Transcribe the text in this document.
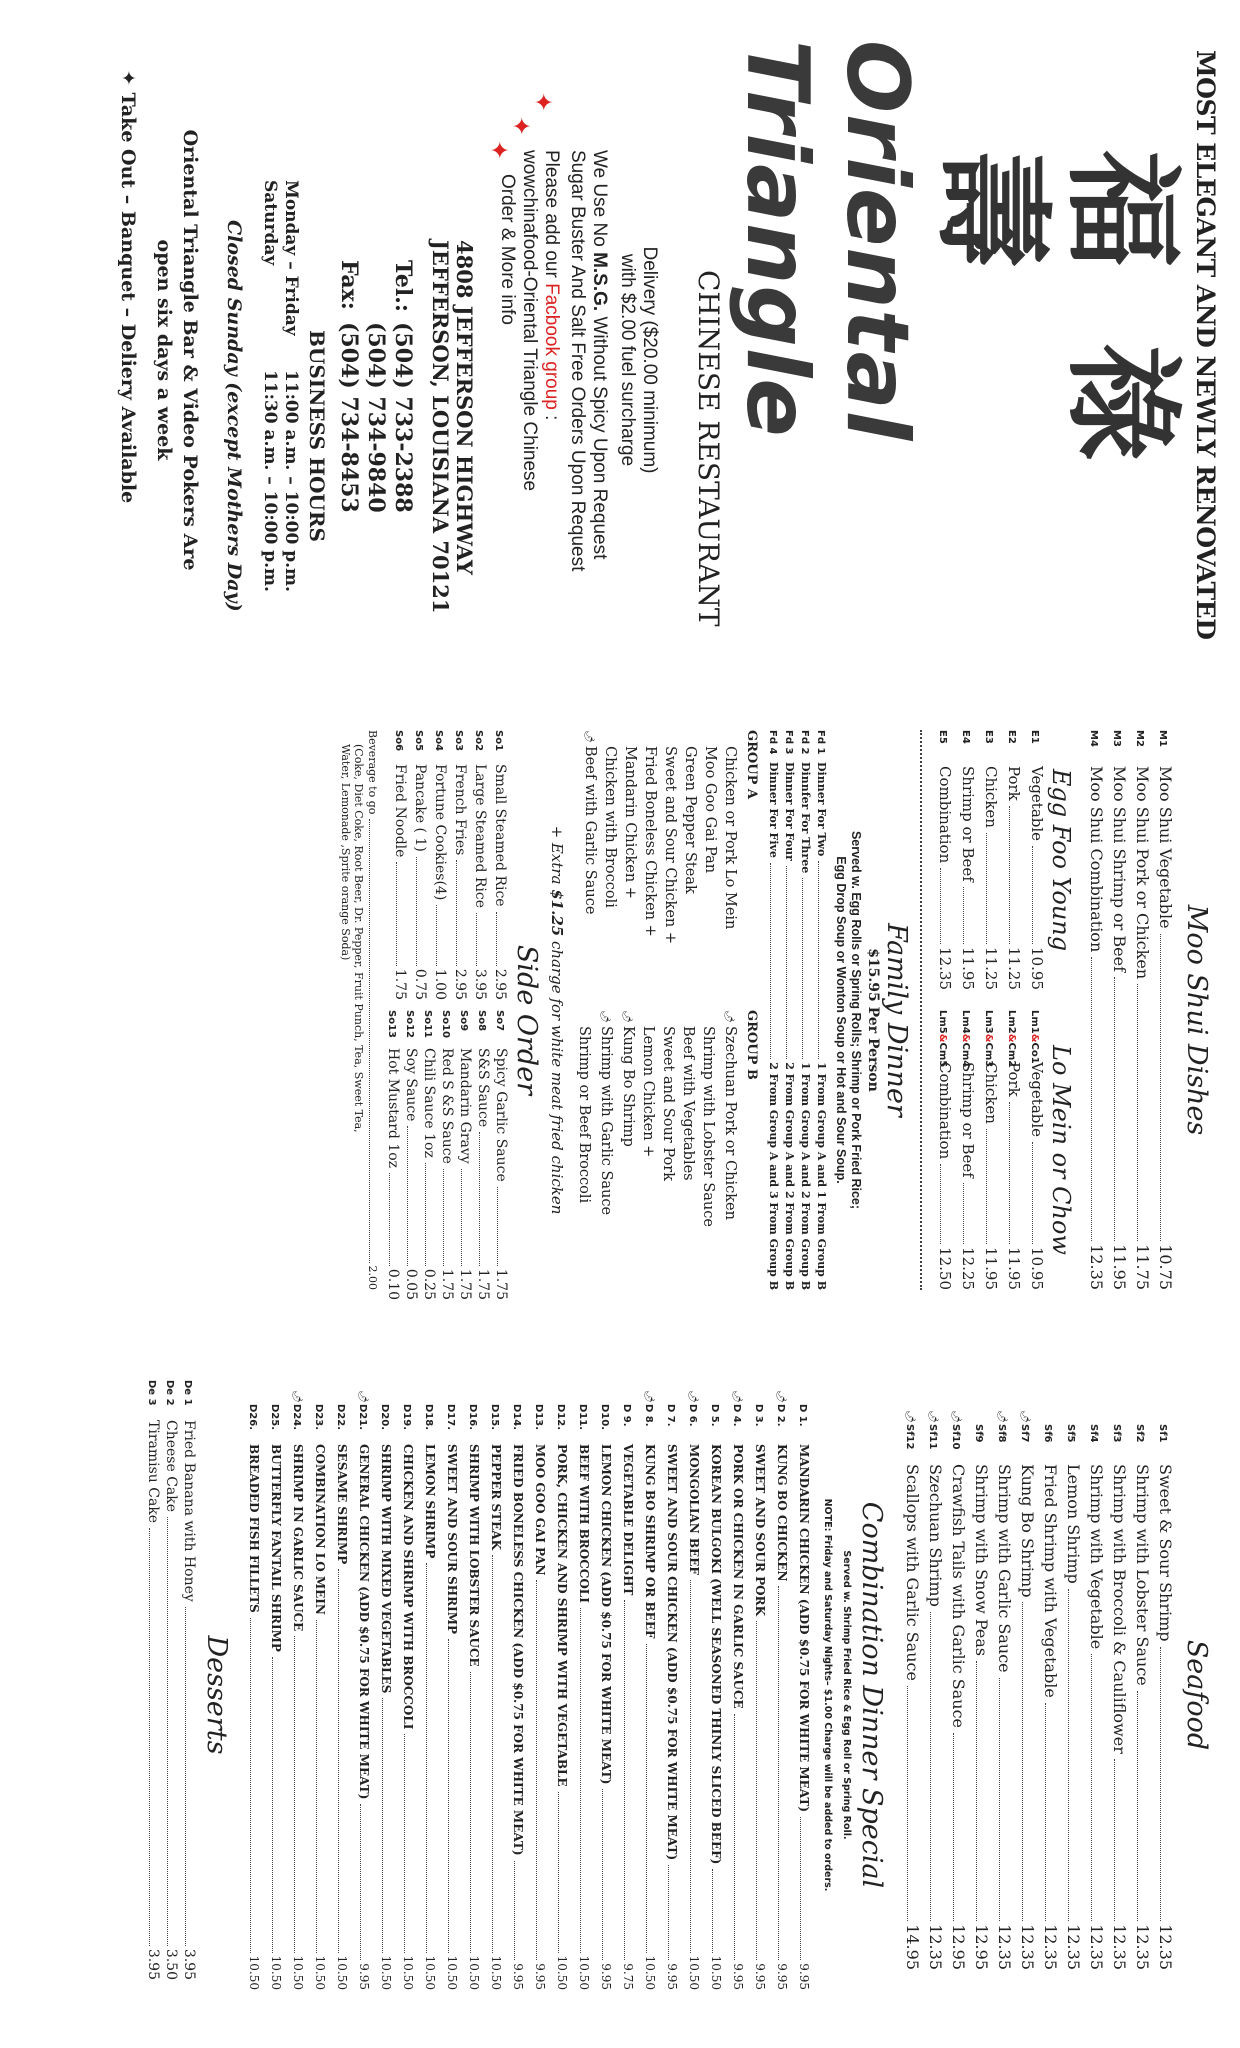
MOST ELEGANT AND NEWLY RENOVATED
福祿壽
Oriental Triangle
CHINESE RESTAURANT
Delivery ($20.00 minimum)
with $2.00 fuel surcharge
We Use No M.S.G. Without Spicy Upon Request
Sugar Buster And Salt Free Orders Upon Request
✦
✦
✦ Please add our Facbook group :
wowchinafood-Oriental Triangle Chinese
Order & More info
4808 JEFFERSON HIGHWAY
JEFFERSON, LOUISIANA 70121
Tel.:(504) 733-2388
(504) 734-9840
Fax:(504) 734-8453
BUSINESS HOURS
Monday – Friday11:00 a.m. – 10:00 p.m.
Saturday11:30 a.m. – 10:00 p.m.
Closed Sunday (except Mothers Day)
Oriental Triangle Bar & Video Pokers Are
open six days a week
✦ Take Out – Banquet – Deliery Available
Moo Shui Dishes
M1
Moo Shui Vegetable
10.75
M2
Moo Shui Pork or Chicken
11.75
M3
Moo Shui Shrimp or Beef
11.95
M4
Moo Shui Combination
12.35
Egg Foo Young
E1
Vegetable
10.95
E2
Pork
11.25
E3
Chicken
11.25
E4
Shrimp or Beef
11.95
E5
Combination
12.35
Lo Mein or Chow
Lm1&Co1
Vegetable
10.95
Lm2&Cm2
Pork
11.95
Lm3&Cm3
Chicken
11.95
Lm4&Cm4
Shrimp or Beef
12.25
Lm5&Cm5
Combination
12.50
Family Dinner
$15.95 Per Person
Served w. Egg Rolls or Spring Rolls; Shrimp or Pork Fried Rice;
Egg Drop Soup or Wonton Soup or Hot and Sour Soup.
Fd 1
Dinner For Two
1 From Group A and 1 From Group B
Fd 2
Dinnfer For Three
1 From Group A and 2 From Group B
Fd 3
Dinner For Four
2 From Group A and 2 From Group B
Fd 4
Dinner For Five
2 From Group A and 3 From Group B
GROUP A
Chicken or Pork Lo Mein
Moo Goo Gai Pan
Green Pepper Steak
Sweet and Sour Chicken +
Fried Boneless Chicken +
Mandarin Chicken +
Chicken with Broccoli
🌶Beef with Garlic Sauce
GROUP B
🌶Szechuan Pork or Chicken
Shrimp with Lobster Sauce
Beef with Vegetables
Sweet and Sour Pork
Lemon Chicken +
🌶Kung Bo Shrimp
🌶Shrimp with Garlic Sauce
Shrimp or Beef Broccoli
+ Extra $1.25 charge for white meat fried chicken
Side Order
So1
Small Steamed Rice
2.95
So2
Large Steamed Rice
3.95
So3
French Fries
2.95
So4
Fortune Cookies(4)
1.00
So5
Pancake ( 1)
0.75
So6
Fried Noodle
1.75
So7
Spicy Garlic Sauce
1.75
So8
S&S Sauce
1.75
So9
Mandarin Gravy
1.75
So10
Red S &S Sauce
1.75
So11
Chili Sauce 1oz
0.25
So12
Soy Sauce
0.05
So13
Hot Mustard 1oz
0.10
Beverage to go
2.00
(Coke, Diet Coke, Root Beer, Dr. Pepper, Fruit Punch, Tea, Sweet Tea,
Water, Lemonade ,Sprite orange Soda)
Seafood
Sf1
Sweet & Sour Shrimp
12.35
Sf2
Shrimp with Lobster Sauce
12.35
Sf3
Shrimp with Broccoli & Cauliflower
12.35
Sf4
Shrimp with Vegetable
12.35
Sf5
Lemon Shrimp
12.35
Sf6
Fried Shrimp with Vegetable
12.35
🌶
Sf7
Kung Bo Shrimp
12.35
🌶
Sf8
Shrimp with Garlic Sauce
12.35
Sf9
Shrimp with Snow Peas
12.95
🌶
Sf10
Crawfish Tails with Garlic Sauce
12.95
🌶
Sf11
Szechuan Shrimp
12.35
🌶
Sf12
Scallops with Garlic Sauce
14.95
Combination Dinner Special
Served w. Shrimp Fried Rice & Egg Roll or Spring Roll.
NOTE: Friday and Saturday Nights– $1.00 Charge will be added to orders.
D 1.
MANDARIN CHICKEN (ADD $0.75 FOR WHITE MEAT)
9.95
🌶
D 2.
KUNG BO CHICKEN
9.95
D 3.
SWEET AND SOUR PORK
9.95
🌶
D 4.
PORK OR CHICKEN IN GARLIC SAUCE
9.95
D 5.
KOREAN BULGOKI (WELL SEASONED THINLY SLICED BEEF)
10.50
🌶
D 6.
MONGOLIAN BEEF
10.50
D 7.
SWEET AND SOUR CHICKEN (ADD $0.75 FOR WHITE MEAT)
9.95
🌶
D 8.
KUNG BO SHRIMP OR BEEF
10.50
D 9.
VEGETABLE DELIGHT
9.75
D10.
LEMON CHICKEN (ADD $0.75 FOR WHITE MEAT)
9.95
D11.
BEEF WITH BROCCOLI
10.50
D12.
PORK, CHICKEN AND SHRIMP WITH VEGETABLE
10.50
D13.
MOO GOO GAI PAN
9.95
D14.
FRIED BONELESS CHICKEN (ADD $0.75 FOR WHITE MEAT)
9.95
D15.
PEPPER STEAK
10.50
D16.
SHRIMP WITH LOBSTER SAUCE
10.50
D17.
SWEET AND SOUR SHRIMP
10.50
D18.
LEMON SHRIMP
10.50
D19.
CHICKEN AND SHRIMP WITH BROCCOLI
10.50
D20.
SHRIMP WITH MIXED VEGETABLES
10.50
🌶
D21.
GENERAL CHICKEN (ADD $0.75 FOR WHITE MEAT)
9.95
D22.
SESAME SHRIMP
10.50
D23.
COMBINATION LO MEIN
10.50
🌶
D24.
SHRIMP IN GARLIC SAUCE
10.50
D25.
BUTTERFLY FANTAIL SHRIMP
10.50
D26.
BREADED FISH FILLETS
10.50
Desserts
De 1
Fried Banana with Honey
3.95
De 2
Cheese Cake
3.50
De 3
Tiramisu Cake
3.95
